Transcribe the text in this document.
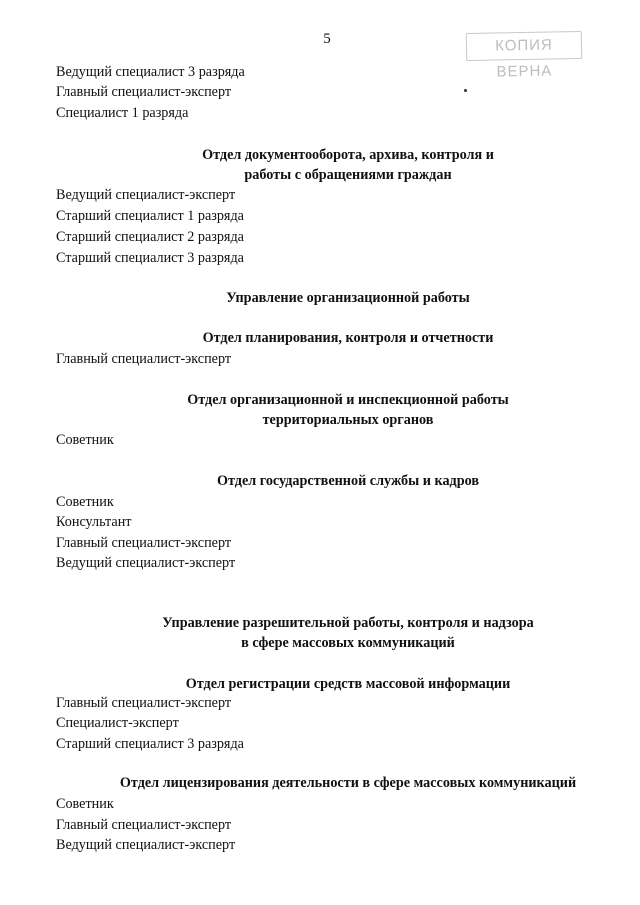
5	КОПИЯ ВЕРНА
Ведущий специалист 3 разряда
Главный специалист-эксперт
Специалист 1 разряда
Отдел документооборота, архива, контроля и
работы с обращениями граждан
Ведущий специалист-эксперт
Старший специалист 1 разряда
Старший специалист 2 разряда
Старший специалист 3 разряда
Управление организационной работы
Отдел планирования, контроля и отчетности
Главный специалист-эксперт
Отдел организационной и инспекционной работы
территориальных органов
Советник
Отдел государственной службы и кадров
Советник
Консультант
Главный специалист-эксперт
Ведущий специалист-эксперт
Управление разрешительной работы, контроля и надзора
в сфере массовых коммуникаций
Отдел регистрации средств массовой информации
Главный специалист-эксперт
Специалист-эксперт
Старший специалист 3 разряда
Отдел лицензирования деятельности в сфере массовых коммуникаций
Советник
Главный специалист-эксперт
Ведущий специалист-эксперт
